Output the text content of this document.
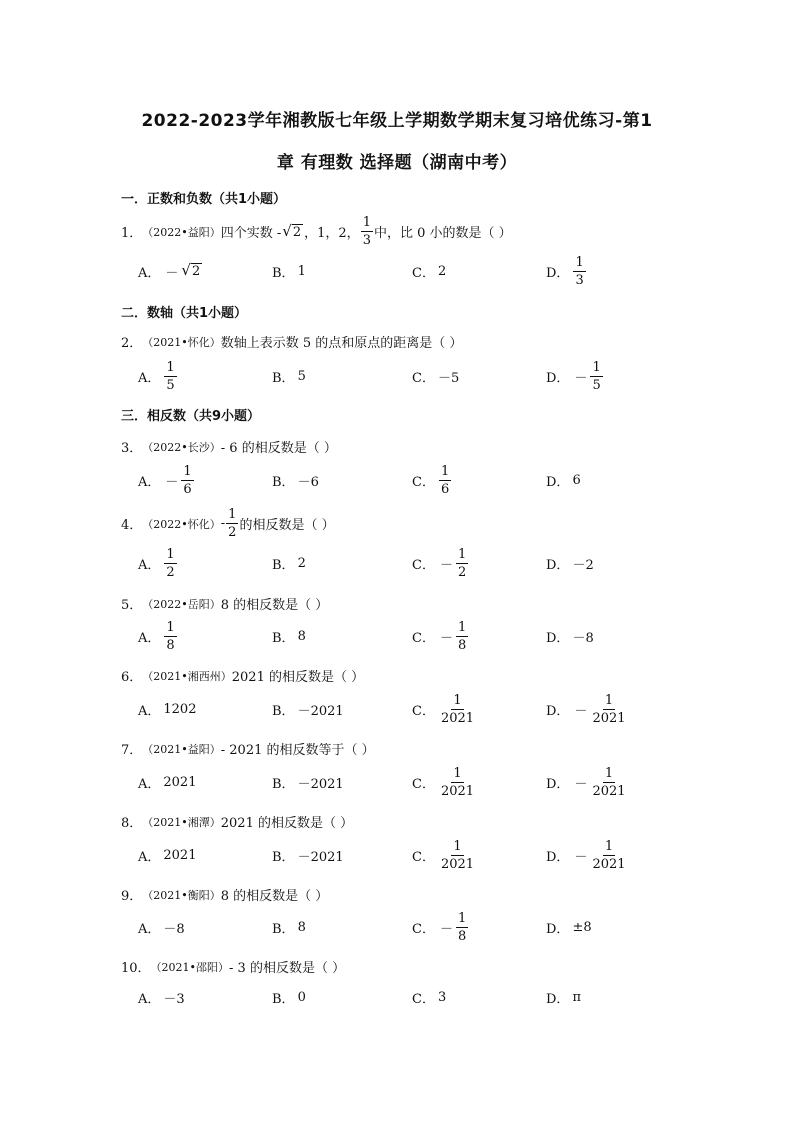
2022-2023学年湘教版七年级上学期数学期末复习培优练习-第1
章 有理数 选择题（湖南中考）
一．正数和负数（共1小题）
1． （2022•益阳） 四个实数 - √ 2 ，1，2， $\frac{1}{3}$ 中，比 0 小的数是（ ）
A． － √ 2	B． 1	C． 2	D． $\frac{1}{3}$
二．数轴（共1小题）
2． （2021•怀化） 数轴上表示数 5 的点和原点的距离是（ ）
A． $\frac{1}{5}$	B． 5	C． －5	D． － $\frac{1}{5}$
三．相反数（共9小题）
3． （2022•长沙） - 6 的相反数是（ ）
A． － $\frac{1}{6}$	B． －6	C． $\frac{1}{6}$	D． 6
4． （2022•怀化） - $\frac{1}{2}$ 的相反数是（ ）
A． $\frac{1}{2}$	B． 2	C． － $\frac{1}{2}$	D． －2
5． （2022•岳阳） 8 的相反数是（ ）
A． $\frac{1}{8}$	B． 8	C． － $\frac{1}{8}$	D． －8
6． （2021•湘西州） 2021 的相反数是（ ）
A． 1202	B． －2021	C． $\frac{1}{2021}$	D． － $\frac{1}{2021}$
7． （2021•益阳） - 2021 的相反数等于（ ）
A． 2021	B． －2021	C． $\frac{1}{2021}$	D． － $\frac{1}{2021}$
8． （2021•湘潭） 2021 的相反数是（ ）
A． 2021	B． －2021	C． $\frac{1}{2021}$	D． － $\frac{1}{2021}$
9． （2021•衡阳） 8 的相反数是（ ）
A． －8	B． 8	C． － $\frac{1}{8}$	D． ±8
10． （2021•邵阳） - 3 的相反数是（ ）
A． －3	B． 0	C． 3	D． π
